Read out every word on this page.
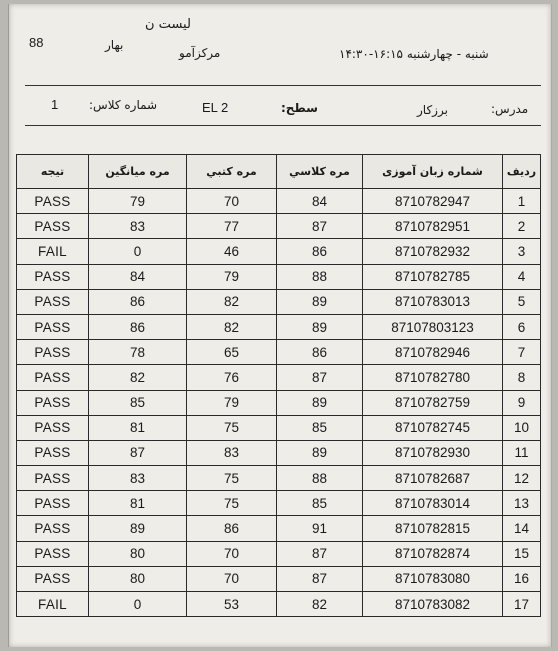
88	بهار
لیست ن
مرکزآمو	شنبه - چهارشنبه ۱۶:۱۵-۱۴:۳۰
1	شماره کلاس:	EL 2	سطح:	برزکار	مدرس:
ردیف	شماره زبان آموزی	مره کلاسي	مره کتبي	مره میانگین	تیجه
1	8710782947	84	70	79	PASS
2	8710782951	87	77	83	PASS
3	8710782932	86	46	0	FAIL
4	8710782785	88	79	84	PASS
5	8710783013	89	82	86	PASS
6	87107803123	89	82	86	PASS
7	8710782946	86	65	78	PASS
8	8710782780	87	76	82	PASS
9	8710782759	89	79	85	PASS
10	8710782745	85	75	81	PASS
11	8710782930	89	83	87	PASS
12	8710782687	88	75	83	PASS
13	8710783014	85	75	81	PASS
14	8710782815	91	86	89	PASS
15	8710782874	87	70	80	PASS
16	8710783080	87	70	80	PASS
17	8710783082	82	53	0	FAIL
